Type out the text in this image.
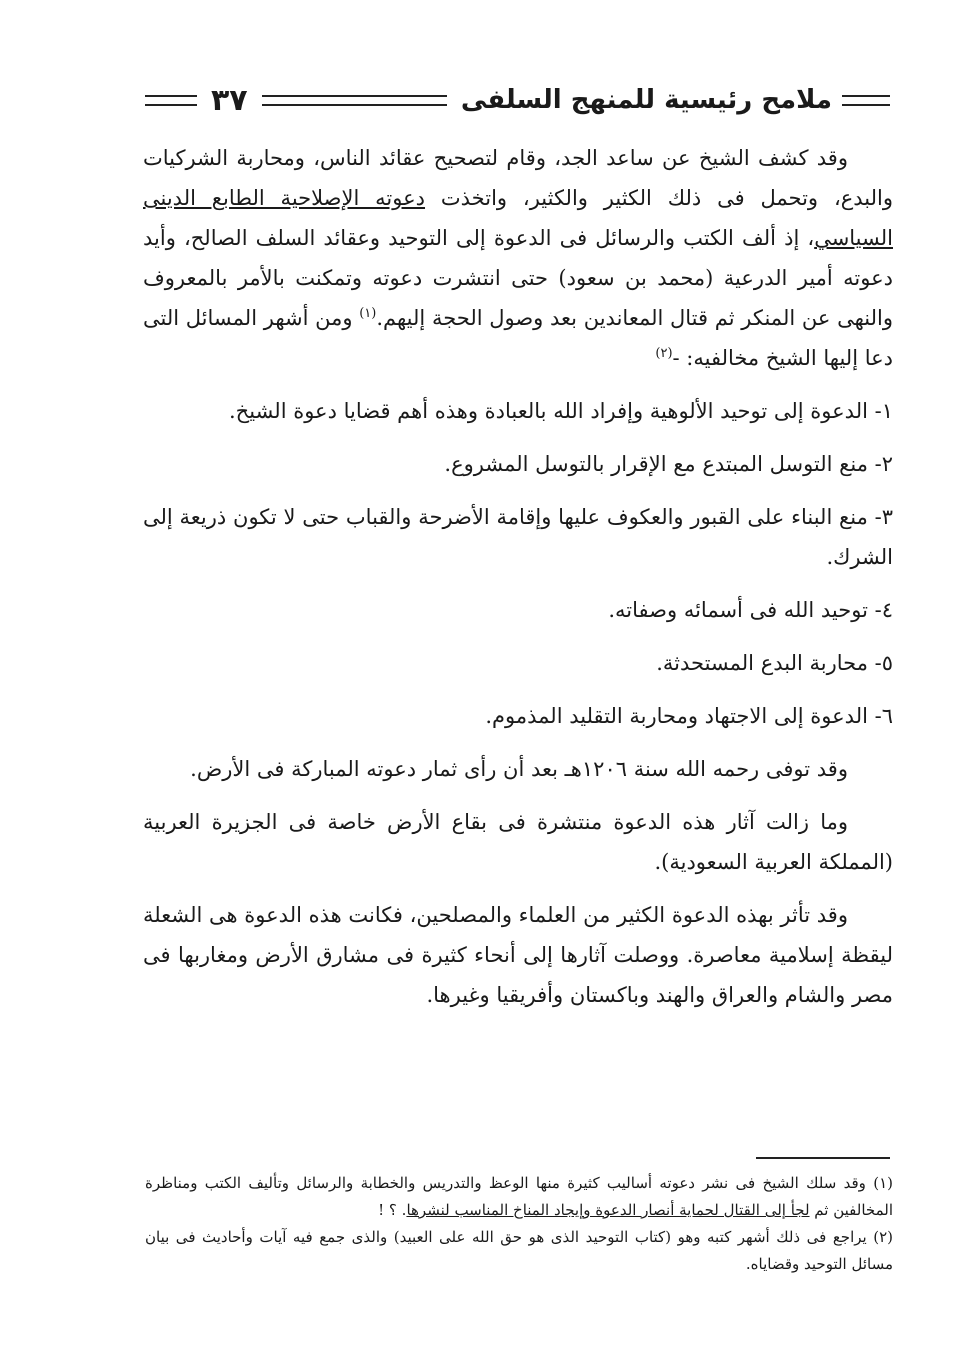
ملامح رئيسية للمنهج السلفى
٣٧

وقد كشف الشيخ عن ساعد الجد، وقام لتصحيح عقائد الناس، ومحاربة الشركيات والبدع، وتحمل فى ذلك الكثير والكثير، واتخذت دعوته الإصلاحية الطابع الدينى السياسي، إذ ألف الكتب والرسائل فى الدعوة إلى التوحيد وعقائد السلف الصالح، وأيد دعوته أمير الدرعية (محمد بن سعود) حتى انتشرت دعوته وتمكنت بالأمر بالمعروف والنهى عن المنكر ثم قتال المعاندين بعد وصول الحجة إليهم.$^{(١)}$ ومن أشهر المسائل التى دعا إليها الشيخ مخالفيه: -$^{(٢)}$

١- الدعوة إلى توحيد الألوهية وإفراد الله بالعبادة وهذه أهم قضايا دعوة الشيخ.

٢- منع التوسل المبتدع مع الإقرار بالتوسل المشروع.

٣- منع البناء على القبور والعكوف عليها وإقامة الأضرحة والقباب حتى لا تكون ذريعة إلى الشرك.

٤- توحيد الله فى أسمائه وصفاته.

٥- محاربة البدع المستحدثة.

٦- الدعوة إلى الاجتهاد ومحاربة التقليد المذموم.

وقد توفى رحمه الله سنة ١٢٠٦هـ بعد أن رأى ثمار دعوته المباركة فى الأرض.

وما زالت آثار هذه الدعوة منتشرة فى بقاع الأرض خاصة فى الجزيرة العربية (المملكة العربية السعودية).

وقد تأثر بهذه الدعوة الكثير من العلماء والمصلحين، فكانت هذه الدعوة هى الشعلة ليقظة إسلامية معاصرة. ووصلت آثارها إلى أنحاء كثيرة فى مشارق الأرض ومغاربها فى مصر والشام والعراق والهند وباكستان وأفريقيا وغيرها.

(١) وقد سلك الشيخ فى نشر دعوته أساليب كثيرة منها الوعظ والتدريس والخطابة والرسائل وتأليف الكتب ومناظرة المخالفين ثم لجأ إلى القتال لحماية أنصار الدعوة وإيجاد المناخ المناسب لنشرها. ؟ !

(٢) يراجع فى ذلك أشهر كتبه وهو (كتاب التوحيد الذى هو حق الله على العبيد) والذى جمع فيه آيات وأحاديث فى بيان مسائل التوحيد وقضاياه.
